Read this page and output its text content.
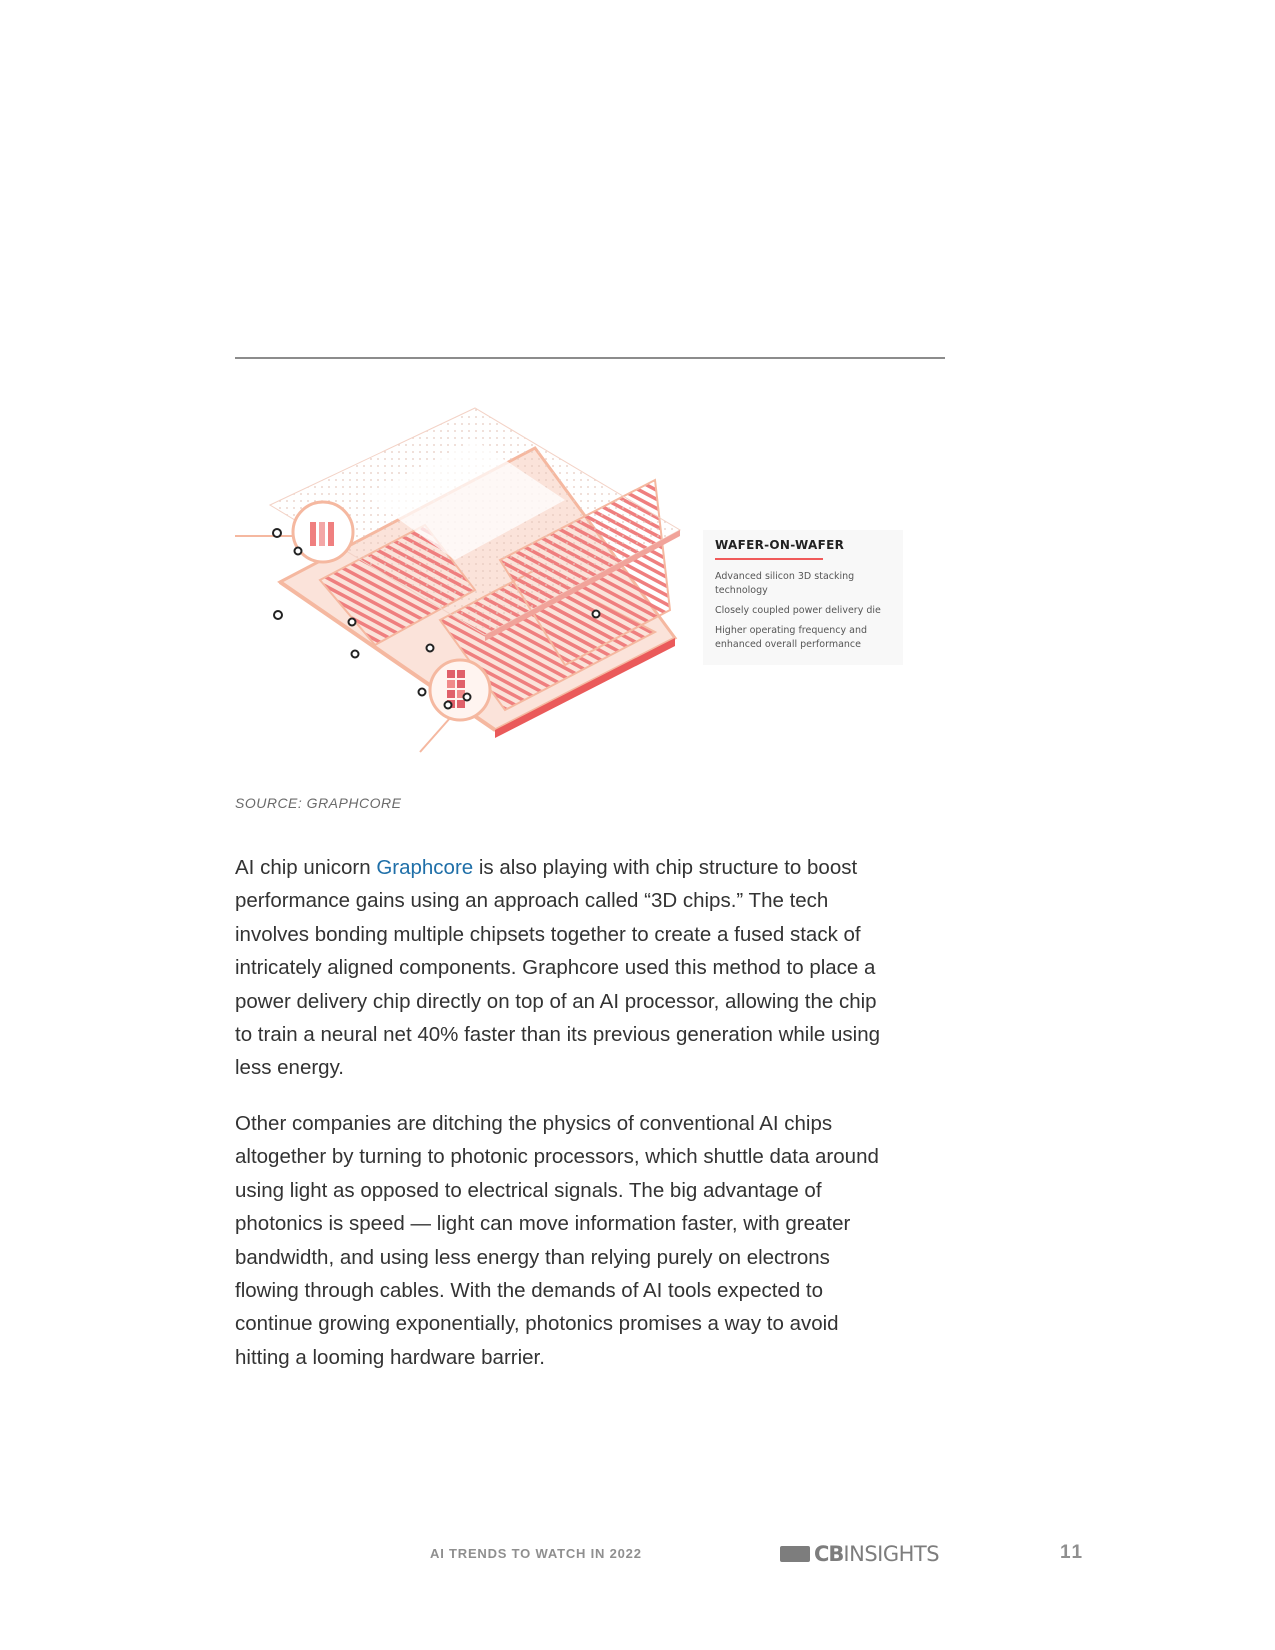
WAFER-ON-WAFER
Advanced silicon 3D stacking technology
Closely coupled power delivery die
Higher operating frequency and enhanced overall performance
SOURCE: GRAPHCORE

AI chip unicorn Graphcore is also playing with chip structure to boost performance gains using an approach called “3D chips.” The tech involves bonding multiple chipsets together to create a fused stack of intricately aligned components. Graphcore used this method to place a power delivery chip directly on top of an AI processor, allowing the chip to train a neural net 40% faster than its previous generation while using less energy.

Other companies are ditching the physics of conventional AI chips altogether by turning to photonic processors, which shuttle data around using light as opposed to electrical signals. The big advantage of photonics is speed — light can move information faster, with greater bandwidth, and using less energy than relying purely on electrons flowing through cables. With the demands of AI tools expected to continue growing exponentially, photonics promises a way to avoid hitting a looming hardware barrier.

AI TRENDS TO WATCH IN 2022	CB INSIGHTS	11
